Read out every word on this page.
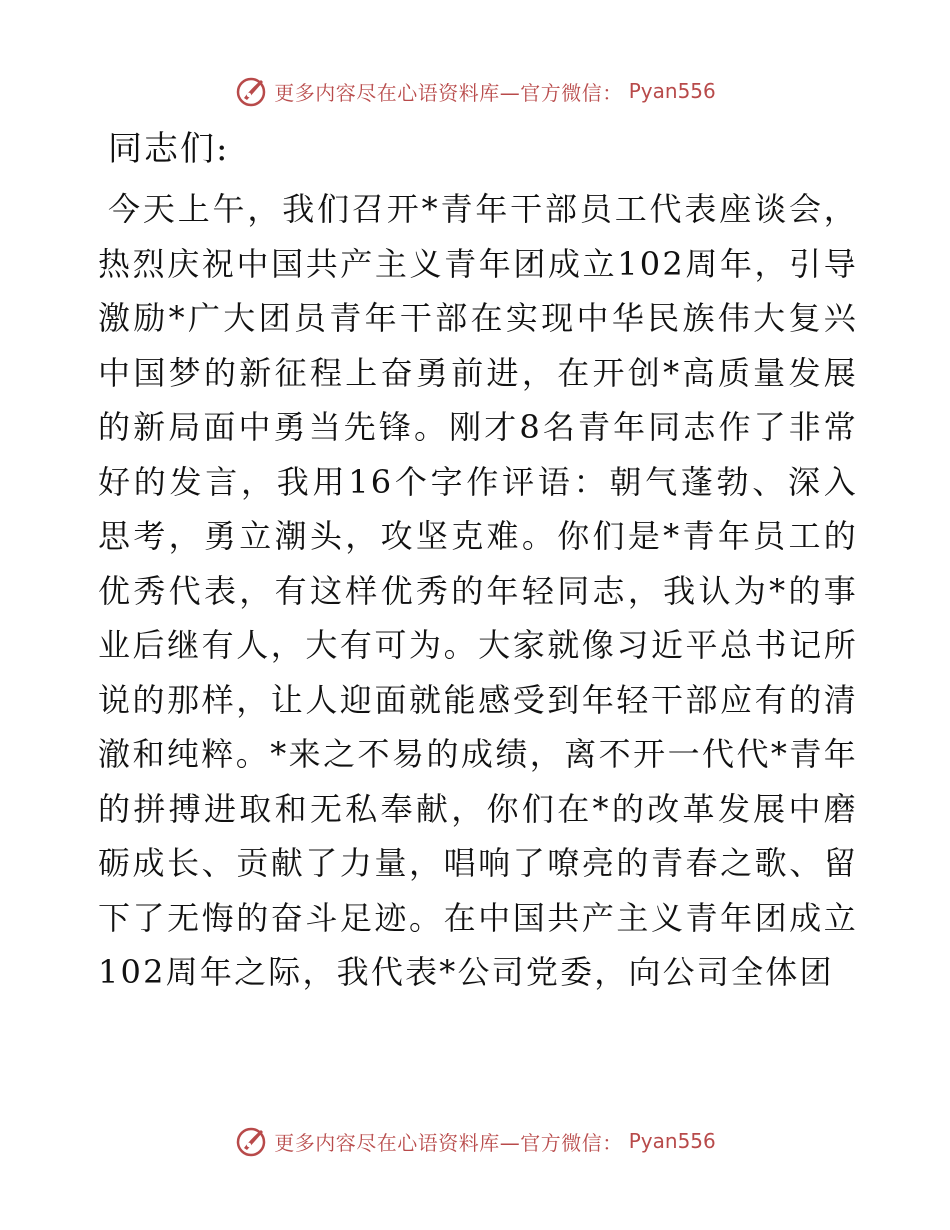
更多内容尽在心语资料库—官方微信： Pyan556

同志们:

今天上午，我们召开*青年干部员工代表座谈会，热烈庆祝中国共产主义青年团成立102周年，引导激励*广大团员青年干部在实现中华民族伟大复兴中国梦的新征程上奋勇前进，在开创*高质量发展的新局面中勇当先锋。刚才8名青年同志作了非常好的发言，我用16个字作评语：朝气蓬勃、深入思考，勇立潮头，攻坚克难。你们是*青年员工的优秀代表，有这样优秀的年轻同志，我认为*的事业后继有人，大有可为。大家就像习近平总书记所说的那样，让人迎面就能感受到年轻干部应有的清澈和纯粹。*来之不易的成绩，离不开一代代*青年的拼搏进取和无私奉献，你们在*的改革发展中磨砺成长、贡献了力量，唱响了嘹亮的青春之歌、留下了无悔的奋斗足迹。在中国共产主义青年团成立102周年之际，我代表*公司党委，向公司全体团

更多内容尽在心语资料库—官方微信： Pyan556
